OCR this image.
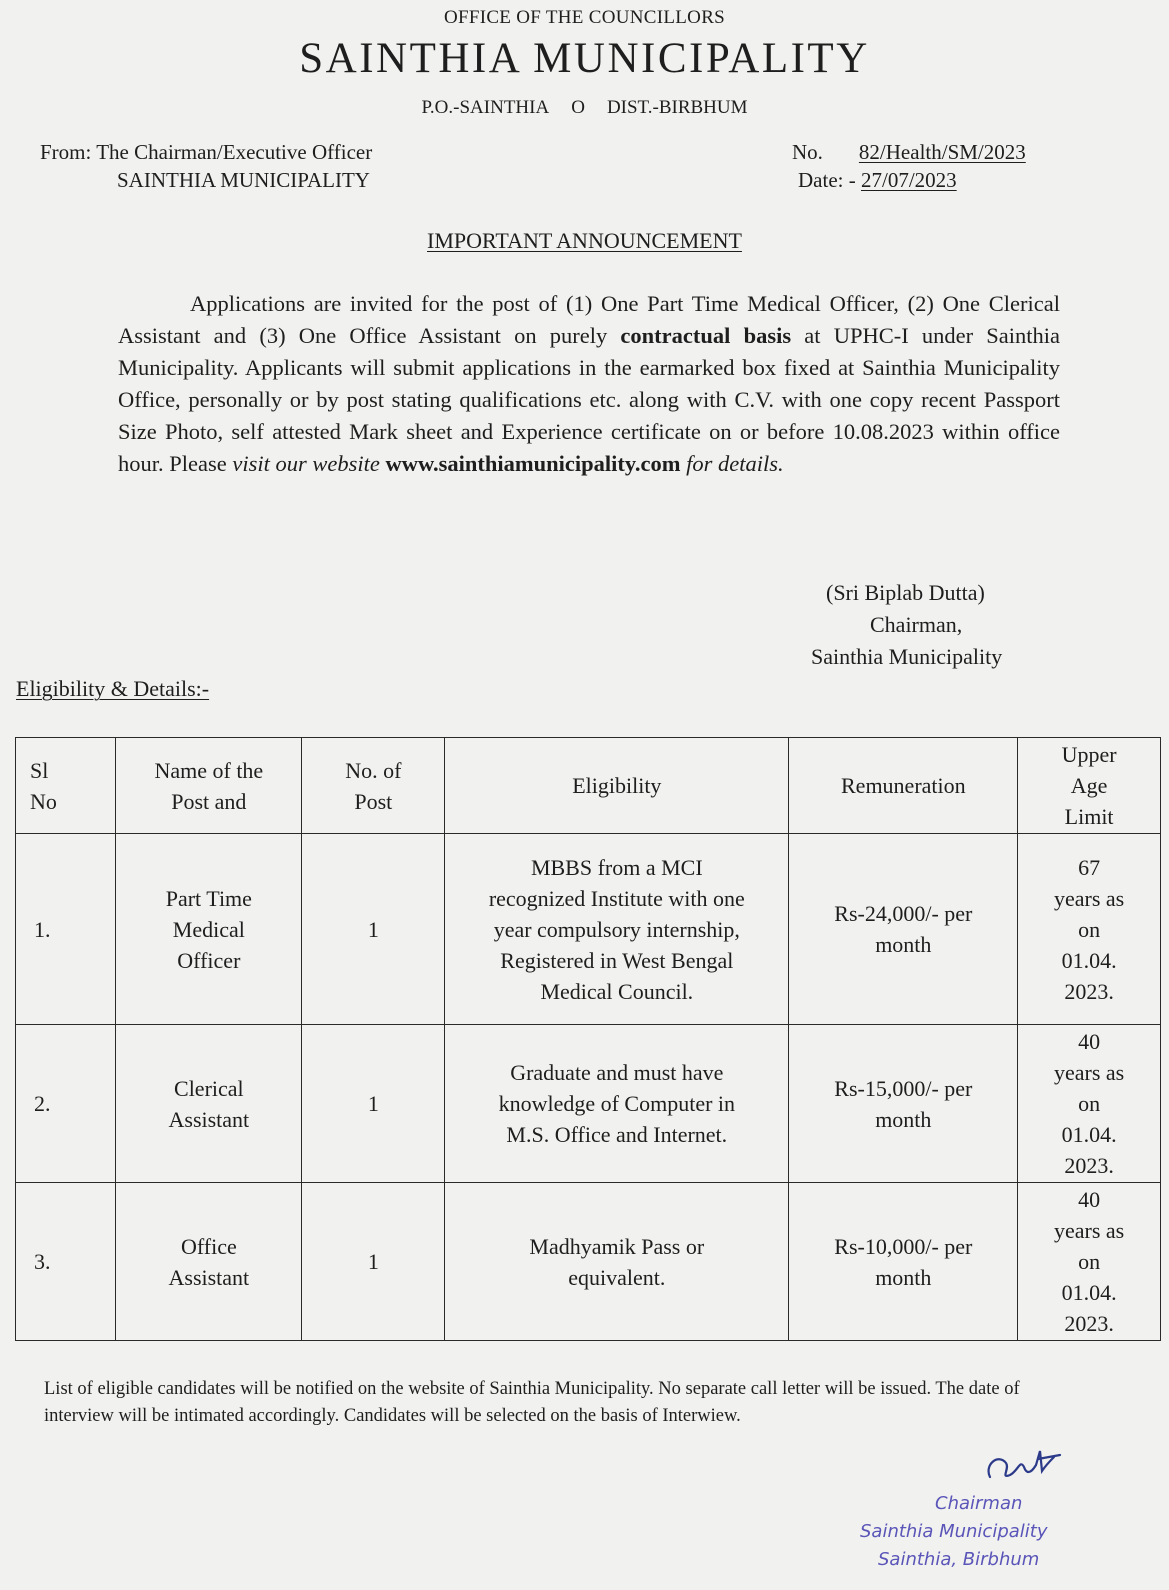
OFFICE OF THE COUNCILLORS
SAINTHIA MUNICIPALITY
P.O.-SAINTHIA O DIST.-BIRBHUM
From: The Chairman/Executive Officer
SAINTHIA MUNICIPALITY
No. 82/Health/SM/2023
Date: - 27/07/2023
IMPORTANT ANNOUNCEMENT
Applications are invited for the post of (1) One Part Time Medical Officer, (2) One Clerical Assistant and (3) One Office Assistant on purely contractual basis at UPHC-I under Sainthia Municipality. Applicants will submit applications in the earmarked box fixed at Sainthia Municipality Office, personally or by post stating qualifications etc. along with C.V. with one copy recent Passport Size Photo, self attested Mark sheet and Experience certificate on or before 10.08.2023 within office hour. Please visit our website www.sainthiamunicipality.com for details.
(Sri Biplab Dutta)
Chairman,
Sainthia Municipality
Eligibility & Details:-
Sl No	Name of the Post and	No. of Post	Eligibility	Remuneration	Upper Age Limit

1.	Part Time Medical Officer	1	MBBS from a MCI recognized Institute with one year compulsory internship, Registered in West Bengal Medical Council.	Rs-24,000/- per month	67 years as on 01.04. 2023.

2.	Clerical Assistant	1	Graduate and must have knowledge of Computer in M.S. Office and Internet.	Rs-15,000/- per month	40 years as on 01.04. 2023.

3.	Office Assistant	1	Madhyamik Pass or equivalent.	Rs-10,000/- per month	40 years as on 01.04. 2023.
List of eligible candidates will be notified on the website of Sainthia Municipality. No separate call letter will be issued. The date of interview will be intimated accordingly. Candidates will be selected on the basis of Interwiew.
Chairman
Sainthia Municipality
Sainthia, Birbhum
